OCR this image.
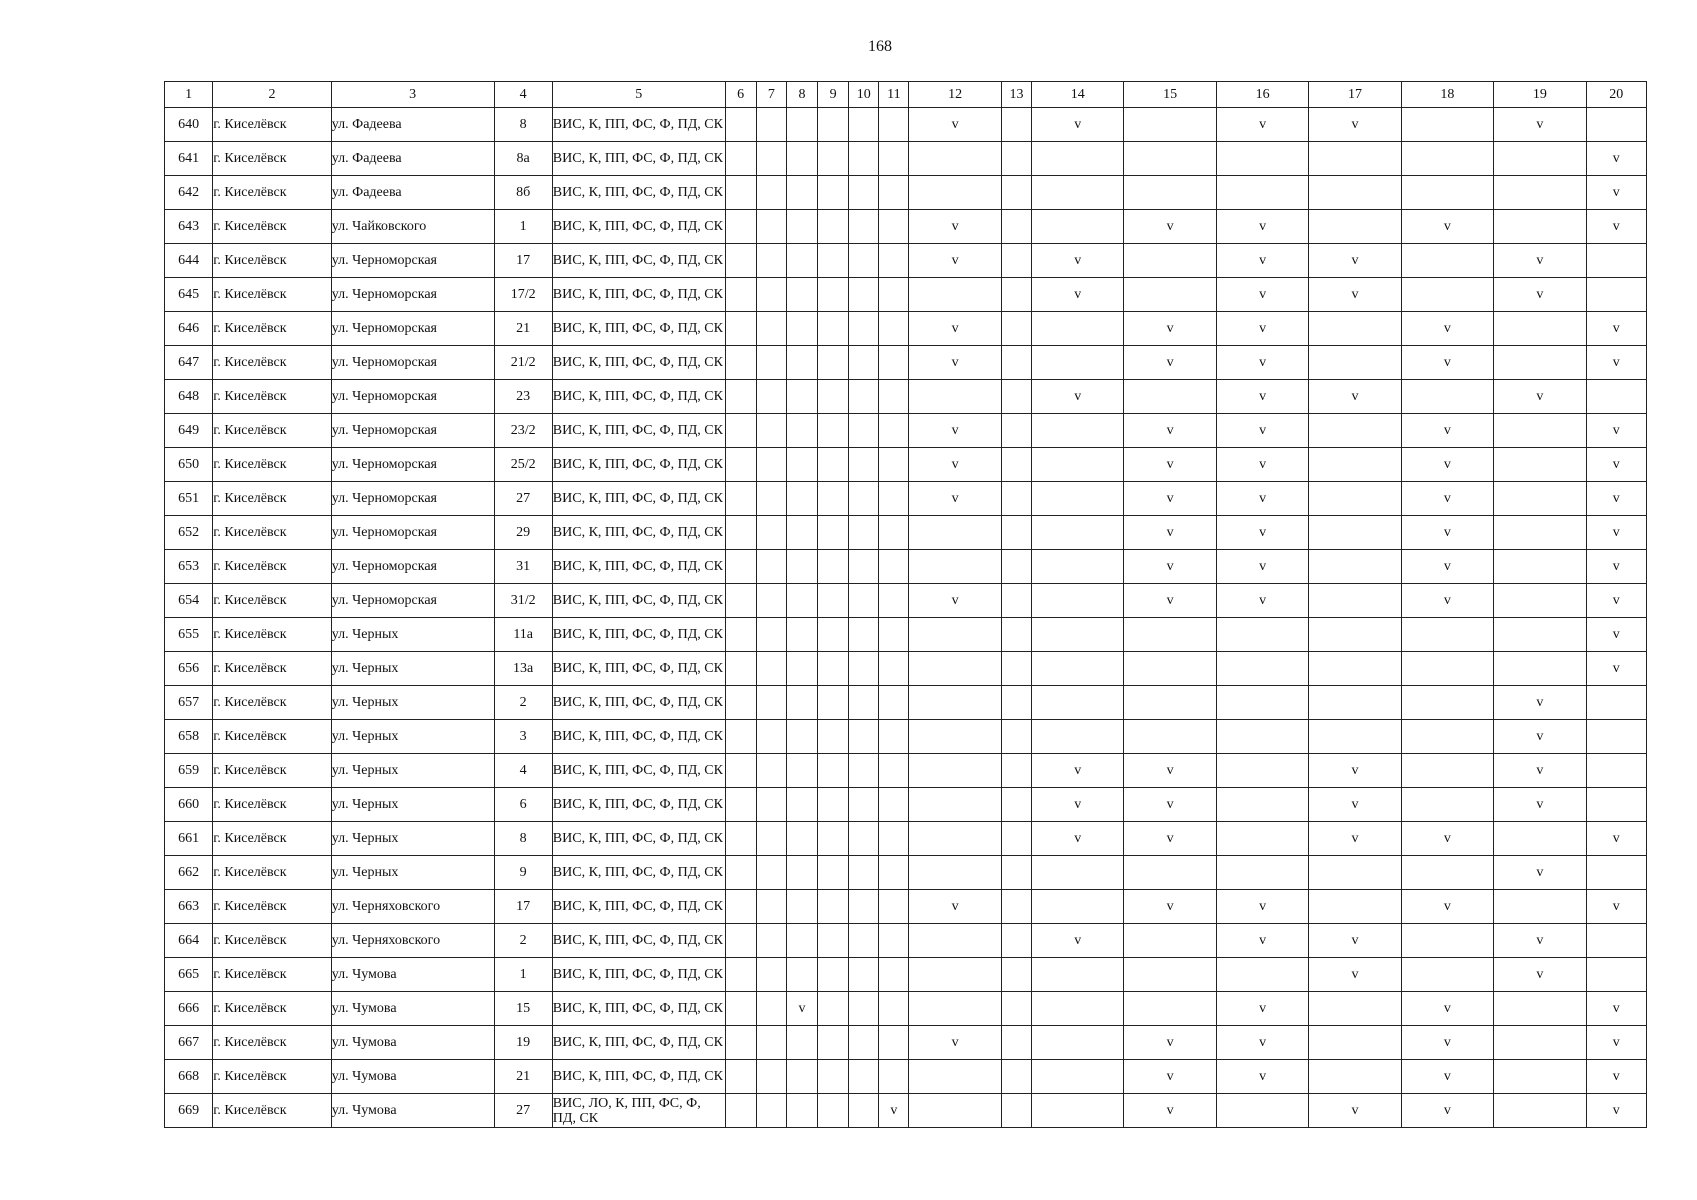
168
1	2	3	4	5	6	7	8	9	10	11	12	13	14	15	16	17	18	19	20
640	г. Киселёвск	ул. Фадеева	8	ВИС, К, ПП, ФС, Ф, ПД, СК							v		v		v	v		v	
641	г. Киселёвск	ул. Фадеева	8а	ВИС, К, ПП, ФС, Ф, ПД, СК															v
642	г. Киселёвск	ул. Фадеева	8б	ВИС, К, ПП, ФС, Ф, ПД, СК															v
643	г. Киселёвск	ул. Чайковского	1	ВИС, К, ПП, ФС, Ф, ПД, СК							v			v	v		v		v
644	г. Киселёвск	ул. Черноморская	17	ВИС, К, ПП, ФС, Ф, ПД, СК							v		v		v	v		v	
645	г. Киселёвск	ул. Черноморская	17/2	ВИС, К, ПП, ФС, Ф, ПД, СК									v		v	v		v	
646	г. Киселёвск	ул. Черноморская	21	ВИС, К, ПП, ФС, Ф, ПД, СК							v			v	v		v		v
647	г. Киселёвск	ул. Черноморская	21/2	ВИС, К, ПП, ФС, Ф, ПД, СК							v			v	v		v		v
648	г. Киселёвск	ул. Черноморская	23	ВИС, К, ПП, ФС, Ф, ПД, СК									v		v	v		v	
649	г. Киселёвск	ул. Черноморская	23/2	ВИС, К, ПП, ФС, Ф, ПД, СК							v			v	v		v		v
650	г. Киселёвск	ул. Черноморская	25/2	ВИС, К, ПП, ФС, Ф, ПД, СК							v			v	v		v		v
651	г. Киселёвск	ул. Черноморская	27	ВИС, К, ПП, ФС, Ф, ПД, СК							v			v	v		v		v
652	г. Киселёвск	ул. Черноморская	29	ВИС, К, ПП, ФС, Ф, ПД, СК										v	v		v		v
653	г. Киселёвск	ул. Черноморская	31	ВИС, К, ПП, ФС, Ф, ПД, СК										v	v		v		v
654	г. Киселёвск	ул. Черноморская	31/2	ВИС, К, ПП, ФС, Ф, ПД, СК							v			v	v		v		v
655	г. Киселёвск	ул. Черных	11а	ВИС, К, ПП, ФС, Ф, ПД, СК															v
656	г. Киселёвск	ул. Черных	13а	ВИС, К, ПП, ФС, Ф, ПД, СК															v
657	г. Киселёвск	ул. Черных	2	ВИС, К, ПП, ФС, Ф, ПД, СК														v	
658	г. Киселёвск	ул. Черных	3	ВИС, К, ПП, ФС, Ф, ПД, СК														v	
659	г. Киселёвск	ул. Черных	4	ВИС, К, ПП, ФС, Ф, ПД, СК									v	v		v		v	
660	г. Киселёвск	ул. Черных	6	ВИС, К, ПП, ФС, Ф, ПД, СК									v	v		v		v	
661	г. Киселёвск	ул. Черных	8	ВИС, К, ПП, ФС, Ф, ПД, СК									v	v		v	v		v
662	г. Киселёвск	ул. Черных	9	ВИС, К, ПП, ФС, Ф, ПД, СК														v	
663	г. Киселёвск	ул. Черняховского	17	ВИС, К, ПП, ФС, Ф, ПД, СК							v			v	v		v		v
664	г. Киселёвск	ул. Черняховского	2	ВИС, К, ПП, ФС, Ф, ПД, СК									v		v	v		v	
665	г. Киселёвск	ул. Чумова	1	ВИС, К, ПП, ФС, Ф, ПД, СК												v		v	
666	г. Киселёвск	ул. Чумова	15	ВИС, К, ПП, ФС, Ф, ПД, СК			v								v		v		v
667	г. Киселёвск	ул. Чумова	19	ВИС, К, ПП, ФС, Ф, ПД, СК							v			v	v		v		v
668	г. Киселёвск	ул. Чумова	21	ВИС, К, ПП, ФС, Ф, ПД, СК										v	v		v		v
669	г. Киселёвск	ул. Чумова	27	ВИС, ЛО, К, ПП, ФС, Ф, ПД, СК						v				v		v	v		v
